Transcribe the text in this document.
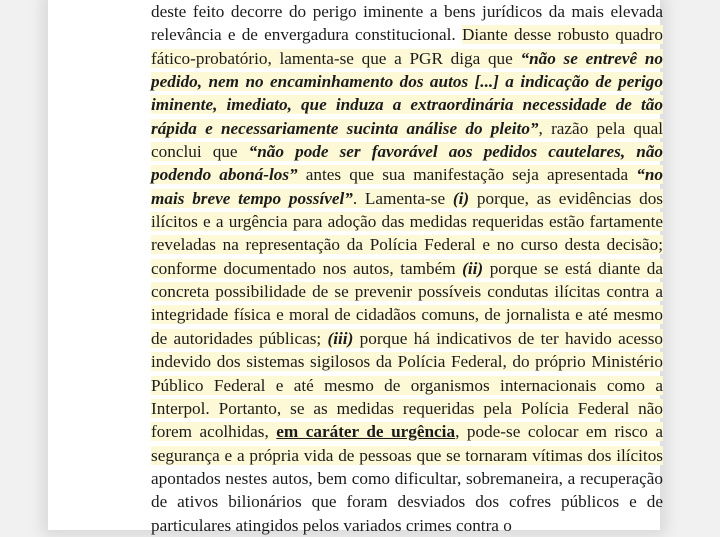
deste feito decorre do perigo iminente a bens jurídicos da mais elevada relevância e de envergadura constitucional. Diante desse robusto quadro fático-probatório, lamenta-se que a PGR diga que “não se entrevê no pedido, nem no encaminhamento dos autos [...] a indicação de perigo iminente, imediato, que induza a extraordinária necessidade de tão rápida e necessariamente sucinta análise do pleito”, razão pela qual conclui que “não pode ser favorável aos pedidos cautelares, não podendo aboná-los” antes que sua manifestação seja apresentada “no mais breve tempo possível”. Lamenta-se (i) porque, as evidências dos ilícitos e a urgência para adoção das medidas requeridas estão fartamente reveladas na representação da Polícia Federal e no curso desta decisão; conforme documentado nos autos, também (ii) porque se está diante da concreta possibilidade de se prevenir possíveis condutas ilícitas contra a integridade física e moral de cidadãos comuns, de jornalista e até mesmo de autoridades públicas; (iii) porque há indicativos de ter havido acesso indevido dos sistemas sigilosos da Polícia Federal, do próprio Ministério Público Federal e até mesmo de organismos internacionais como a Interpol. Portanto, se as medidas requeridas pela Polícia Federal não forem acolhidas, em caráter de urgência, pode-se colocar em risco a segurança e a própria vida de pessoas que se tornaram vítimas dos ilícitos apontados nestes autos, bem como dificultar, sobremaneira, a recuperação de ativos bilionários que foram desviados dos cofres públicos e de particulares atingidos pelos variados crimes contra o
